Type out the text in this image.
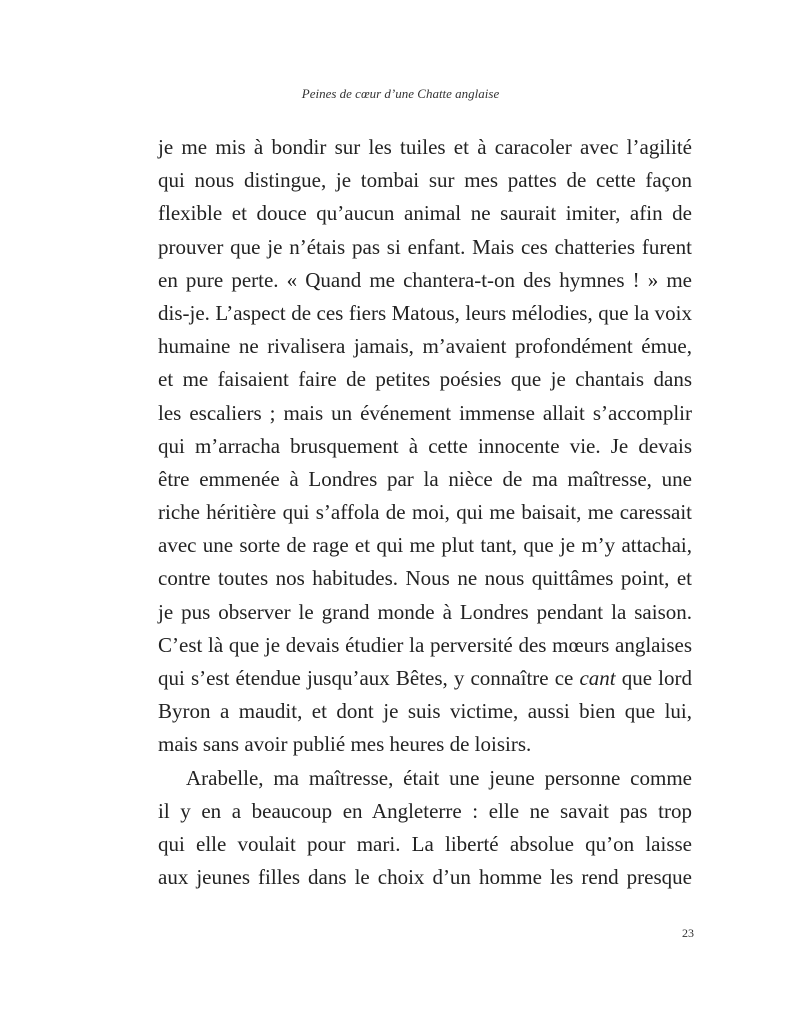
Peines de cœur d’une Chatte anglaise
je me mis à bondir sur les tuiles et à caracoler avec l’agilité
qui nous distingue, je tombai sur mes pattes de cette façon
flexible et douce qu’aucun animal ne saurait imiter, afin de
prouver que je n’étais pas si enfant. Mais ces chatteries furent
en pure perte. « Quand me chantera-t-on des hymnes ! » me
dis-je. L’aspect de ces fiers Matous, leurs mélodies, que la voix
humaine ne rivalisera jamais, m’avaient profondément émue,
et me faisaient faire de petites poésies que je chantais dans
les escaliers ; mais un événement immense allait s’accomplir
qui m’arracha brusquement à cette innocente vie. Je devais
être emmenée à Londres par la nièce de ma maîtresse, une
riche héritière qui s’affola de moi, qui me baisait, me caressait
avec une sorte de rage et qui me plut tant, que je m’y attachai,
contre toutes nos habitudes. Nous ne nous quittâmes point, et
je pus observer le grand monde à Londres pendant la saison.
C’est là que je devais étudier la perversité des mœurs anglaises
qui s’est étendue jusqu’aux Bêtes, y connaître ce cant que lord
Byron a maudit, et dont je suis victime, aussi bien que lui,
mais sans avoir publié mes heures de loisirs.
Arabelle, ma maîtresse, était une jeune personne comme
il y en a beaucoup en Angleterre : elle ne savait pas trop
qui elle voulait pour mari. La liberté absolue qu’on laisse
aux jeunes filles dans le choix d’un homme les rend presque
23
